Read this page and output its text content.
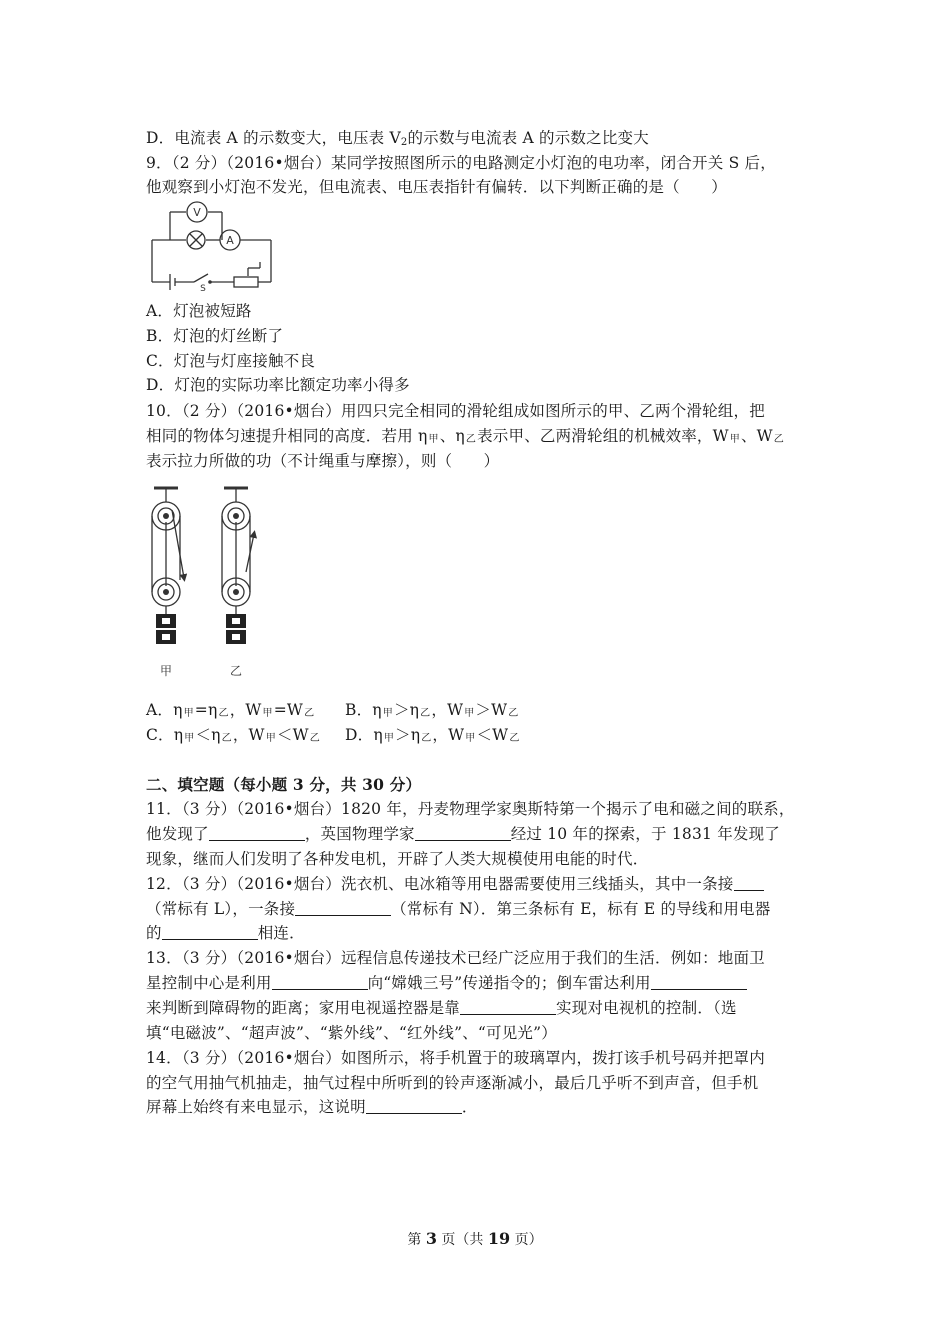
D．电流表 A 的示数变大，电压表 $V_2$的示数与电流表 A 的示数之比变大
9．（2 分）（2016•烟台）某同学按照图所示的电路测定小灯泡的电功率，闭合开关 S 后，
他观察到小灯泡不发光，但电流表、电压表指针有偏转．以下判断正确的是（　　）
V
A
S
A．灯泡被短路
B．灯泡的灯丝断了
C．灯泡与灯座接触不良
D．灯泡的实际功率比额定功率小得多
10．（2 分）（2016•烟台）用四只完全相同的滑轮组成如图所示的甲、乙两个滑轮组，把
相同的物体匀速提升相同的高度．若用 η甲、η乙表示甲、乙两滑轮组的机械效率，W甲、W乙
表示拉力所做的功（不计绳重与摩擦），则（　　）
甲	乙
A．η甲=η乙，W甲=W乙 B．η甲＞η乙，W甲＞W乙
C．η甲＜η乙，W甲＜W乙 D．η甲＞η乙，W甲＜W乙
二、填空题（每小题 3 分，共 30 分）
11．（3 分）（2016•烟台）1820 年，丹麦物理学家奥斯特第一个揭示了电和磁之间的联系，
他发现了	，英国物理学家	经过 10 年的探索，于 1831 年发现了
现象，继而人们发明了各种发电机，开辟了人类大规模使用电能的时代．
12．（3 分）（2016•烟台）洗衣机、电冰箱等用电器需要使用三线插头，其中一条接
（常标有 L），一条接	（常标有 N）．第三条标有 E，标有 E 的导线和用电器
的	相连．
13．（3 分）（2016•烟台）远程信息传递技术已经广泛应用于我们的生活．例如：地面卫
星控制中心是利用	向“嫦娥三号”传递指令的；倒车雷达利用
来判断到障碍物的距离；家用电视遥控器是靠	实现对电视机的控制．（选
填“电磁波”、“超声波”、“紫外线”、“红外线”、“可见光”）
14．（3 分）（2016•烟台）如图所示，将手机置于的玻璃罩内，拨打该手机号码并把罩内
的空气用抽气机抽走，抽气过程中所听到的铃声逐渐减小，最后几乎听不到声音，但手机
屏幕上始终有来电显示，这说明	．
第 3 页（共 19 页）
